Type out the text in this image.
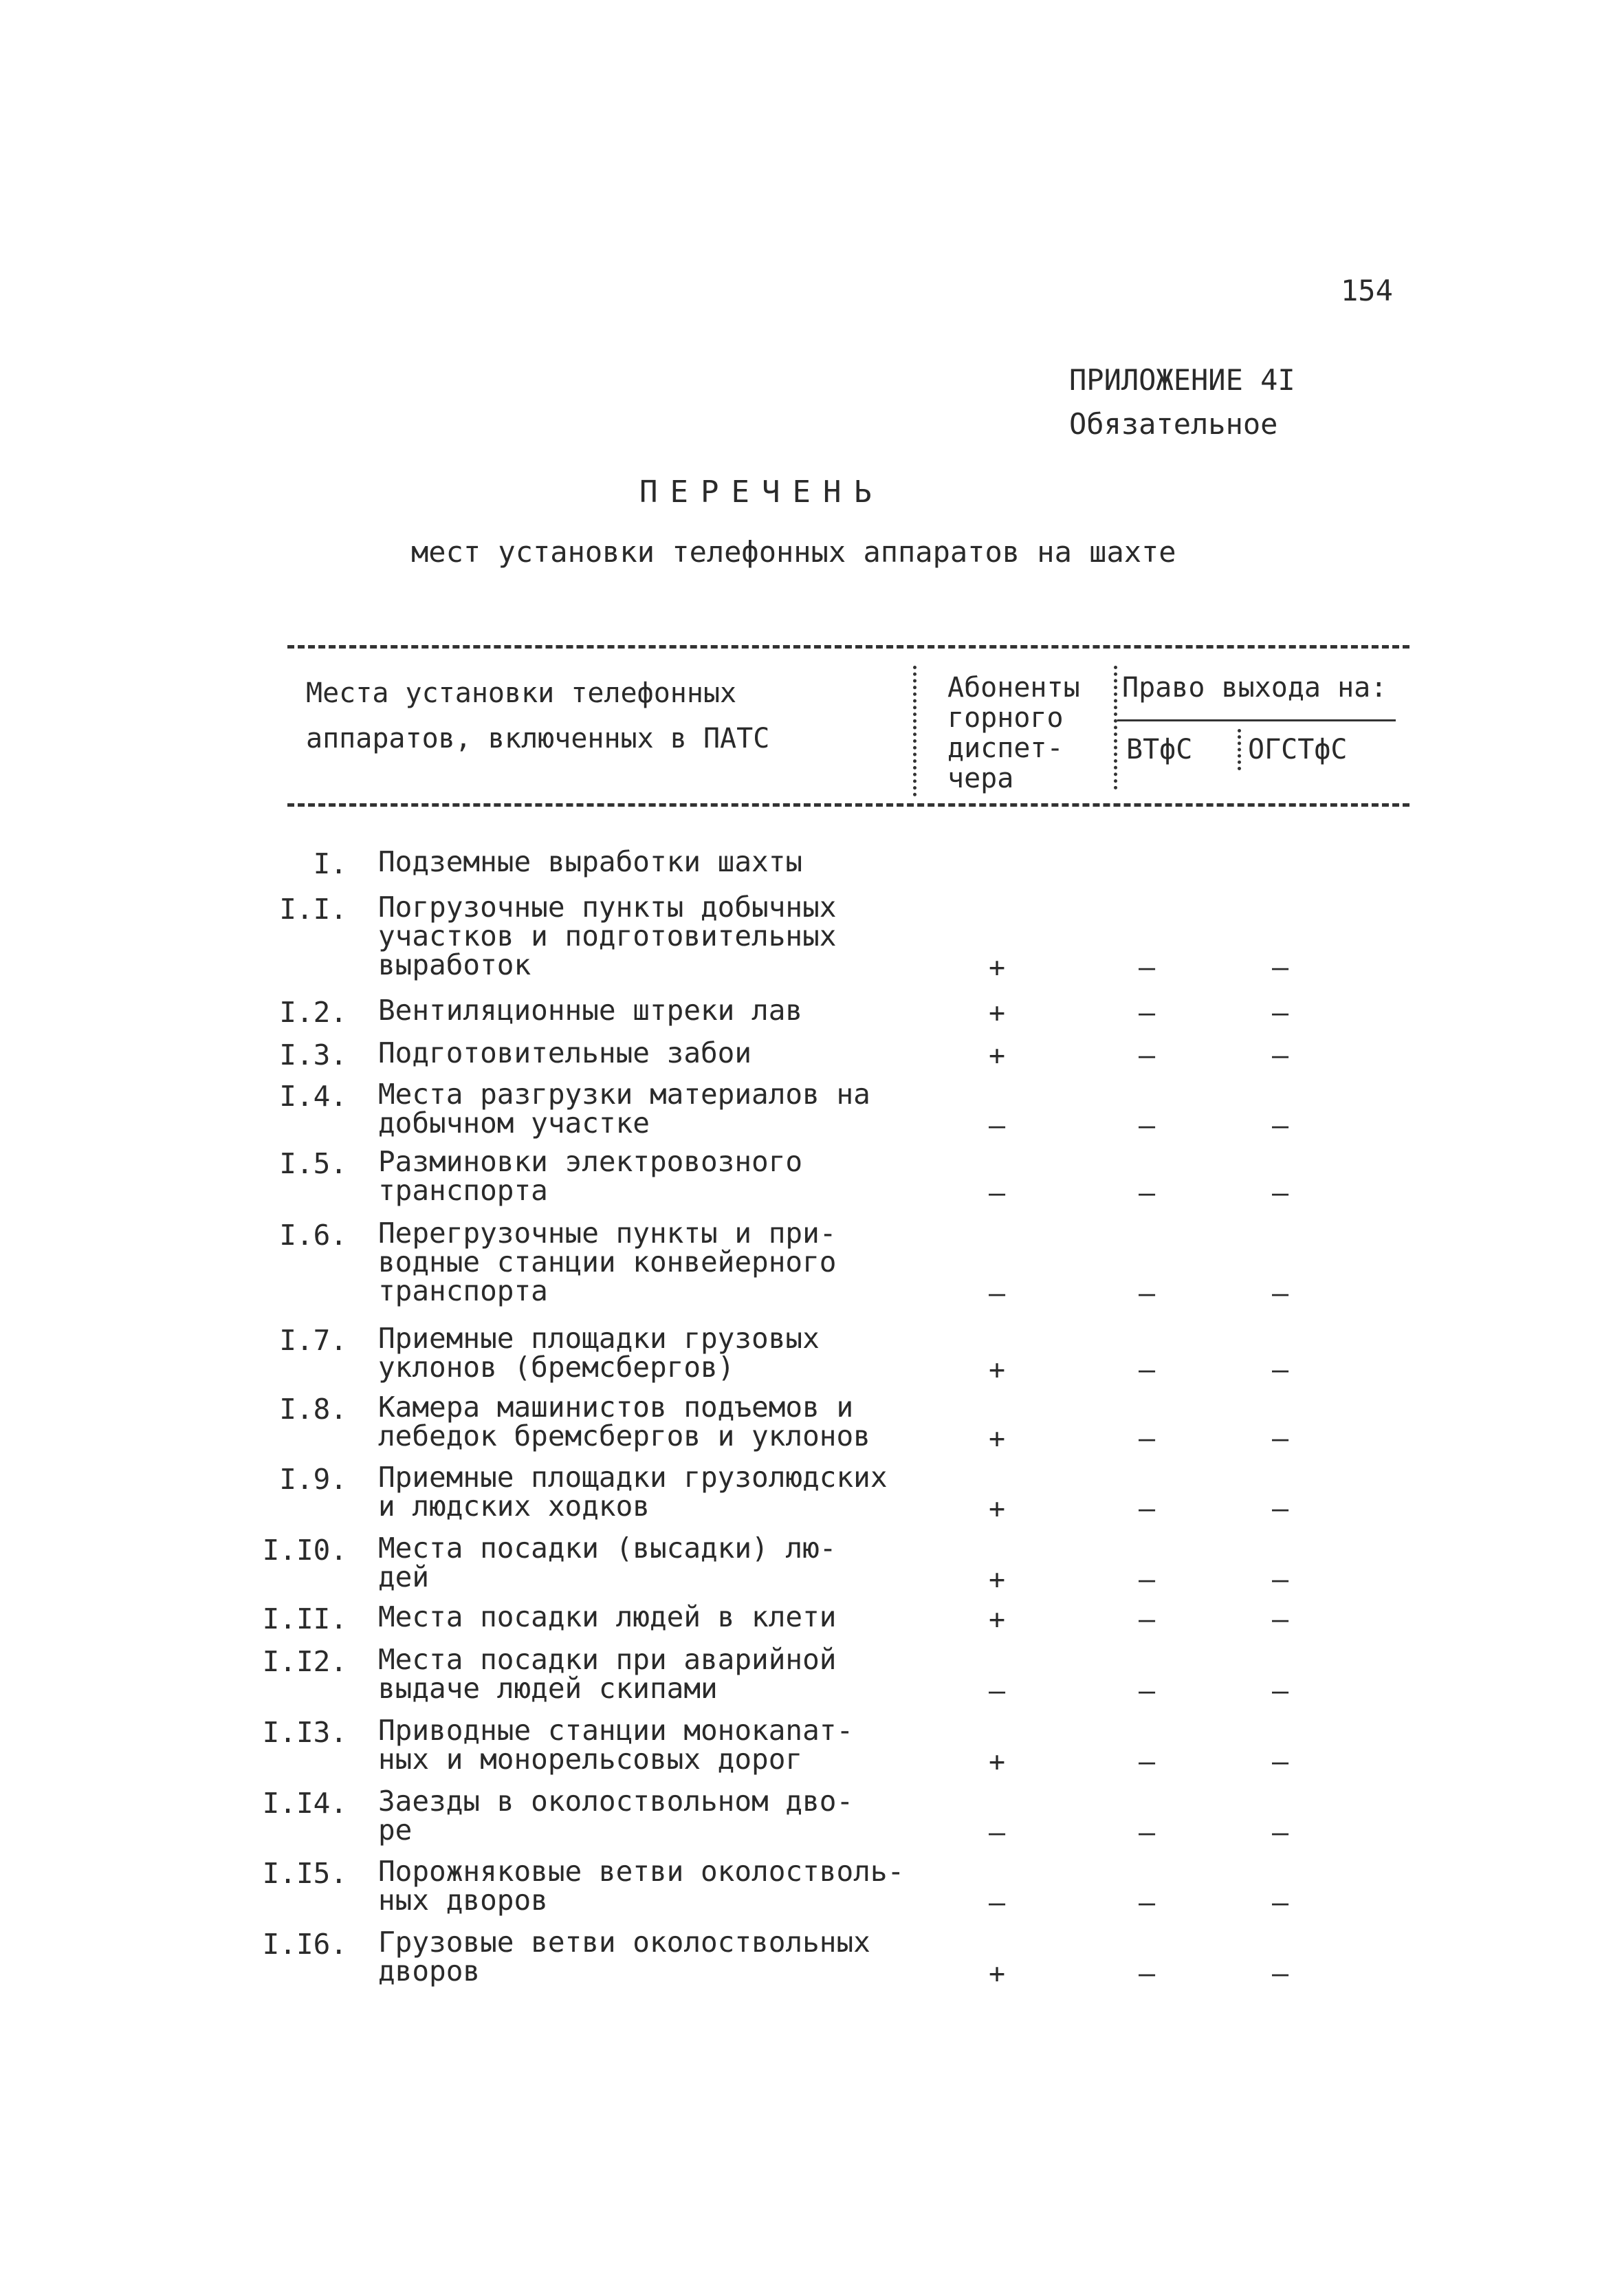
154
ПРИЛОЖЕНИЕ 4I
Обязательное
ПЕРЕЧЕНЬ
мест установки телефонных аппаратов на шахте
Места установки телефонных
аппаратов, включенных в ПАТС
Абоненты
горного
диспет-
чера
Право выхода на:
ВТфС ОГСТфС
I. Подземные выработки шахты
I.I. Погрузочные пункты добычных
участков и подготовительных
выработок	+	–	–
I.2. Вентиляционные штреки лав	+	–	–
I.3. Подготовительные забои	+	–	–
I.4. Места разгрузки материалов на
добычном участке	–	–	–
I.5. Разминовки электровозного
транспорта	–	–	–
I.6. Перегрузочные пункты и при-
водные станции конвейерного
транспорта	–	–	–
I.7. Приемные площадки грузовых
уклонов (бремсбергов)	+	–	–
I.8. Камера машинистов подъемов и
лебедок бремсбергов и уклонов	+	–	–
I.9. Приемные площадки грузолюдских
и людских ходков	+	–	–
I.I0. Места посадки (высадки) лю-
дей	+	–	–
I.II. Места посадки людей в клети	+	–	–
I.I2. Места посадки при аварийной
выдаче людей скипами	–	–	–
I.I3. Приводные станции монокanат-
ных и монорельсовых дорог	+	–	–
I.I4. Заезды в околоствольном дво-
ре	–	–	–
I.I5. Порожняковые ветви околостволь-
ных дворов	–	–	–
I.I6. Грузовые ветви околоствольных
дворов	+	–	–
